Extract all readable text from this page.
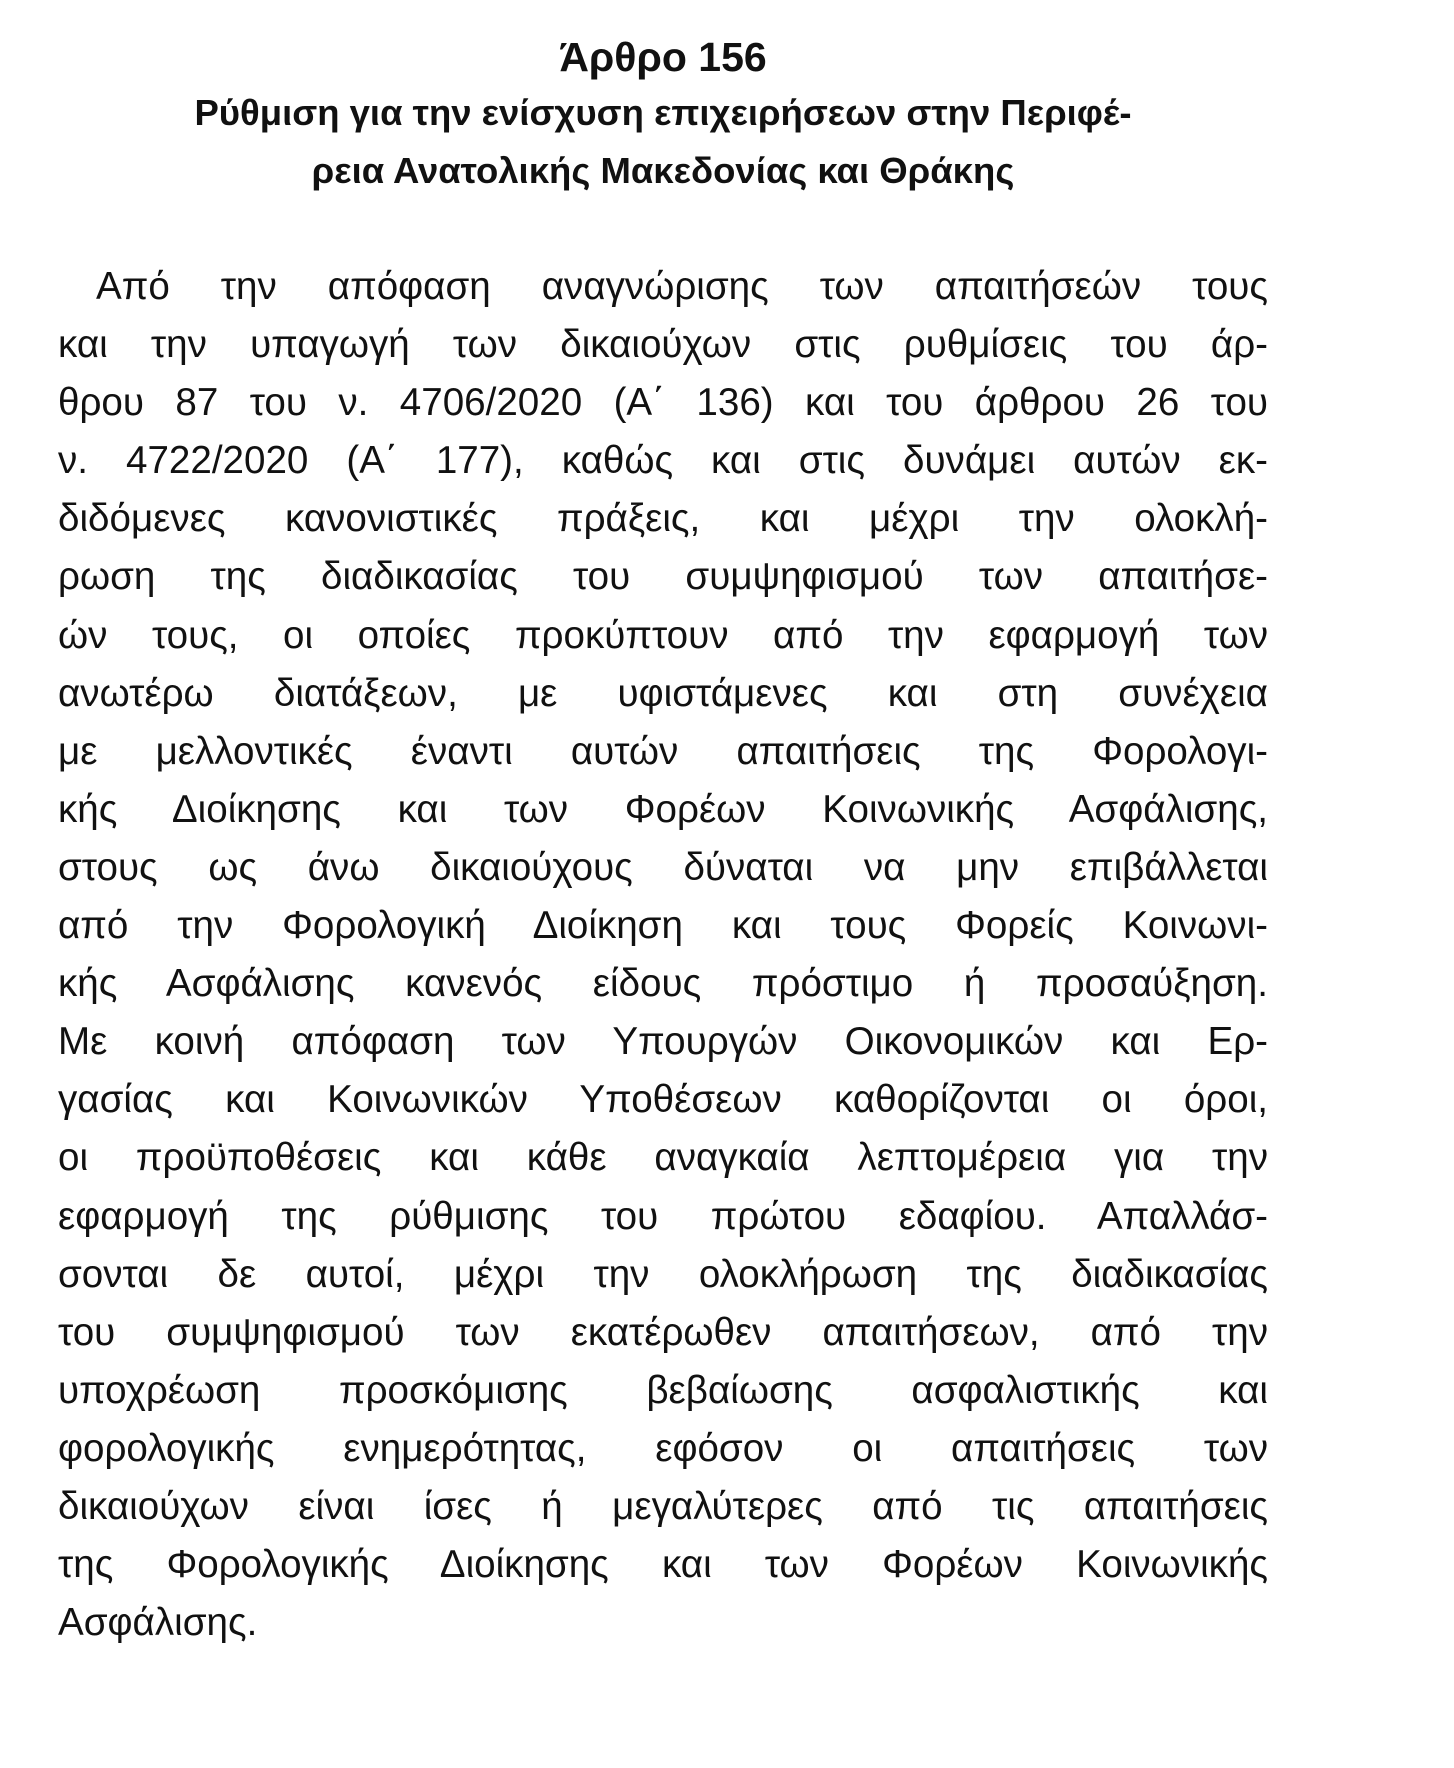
Άρθρο 156

Ρύθμιση για την ενίσχυση επιχειρήσεων στην Περιφέ-
ρεια Ανατολικής Μακεδονίας και Θράκης

Από την απόφαση αναγνώρισης των απαιτήσεών τους
και την υπαγωγή των δικαιούχων στις ρυθμίσεις του άρ-
θρου 87 του ν. 4706/2020 (Α΄ 136) και του άρθρου 26 του
ν. 4722/2020 (Α΄ 177), καθώς και στις δυνάμει αυτών εκ-
διδόμενες κανονιστικές πράξεις, και μέχρι την ολοκλή-
ρωση της διαδικασίας του συμψηφισμού των απαιτήσε-
ών τους, οι οποίες προκύπτουν από την εφαρμογή των
ανωτέρω διατάξεων, με υφιστάμενες και στη συνέχεια
με μελλοντικές έναντι αυτών απαιτήσεις της Φορολογι-
κής Διοίκησης και των Φορέων Κοινωνικής Ασφάλισης,
στους ως άνω δικαιούχους δύναται να μην επιβάλλεται
από την Φορολογική Διοίκηση και τους Φορείς Κοινωνι-
κής Ασφάλισης κανενός είδους πρόστιμο ή προσαύξηση.
Με κοινή απόφαση των Υπουργών Οικονομικών και Ερ-
γασίας και Κοινωνικών Υποθέσεων καθορίζονται οι όροι,
οι προϋποθέσεις και κάθε αναγκαία λεπτομέρεια για την
εφαρμογή της ρύθμισης του πρώτου εδαφίου. Απαλλάσ-
σονται δε αυτοί, μέχρι την ολοκλήρωση της διαδικασίας
του συμψηφισμού των εκατέρωθεν απαιτήσεων, από την
υποχρέωση προσκόμισης βεβαίωσης ασφαλιστικής και
φορολογικής ενημερότητας, εφόσον οι απαιτήσεις των
δικαιούχων είναι ίσες ή μεγαλύτερες από τις απαιτήσεις
της Φορολογικής Διοίκησης και των Φορέων Κοινωνικής
Ασφάλισης.
